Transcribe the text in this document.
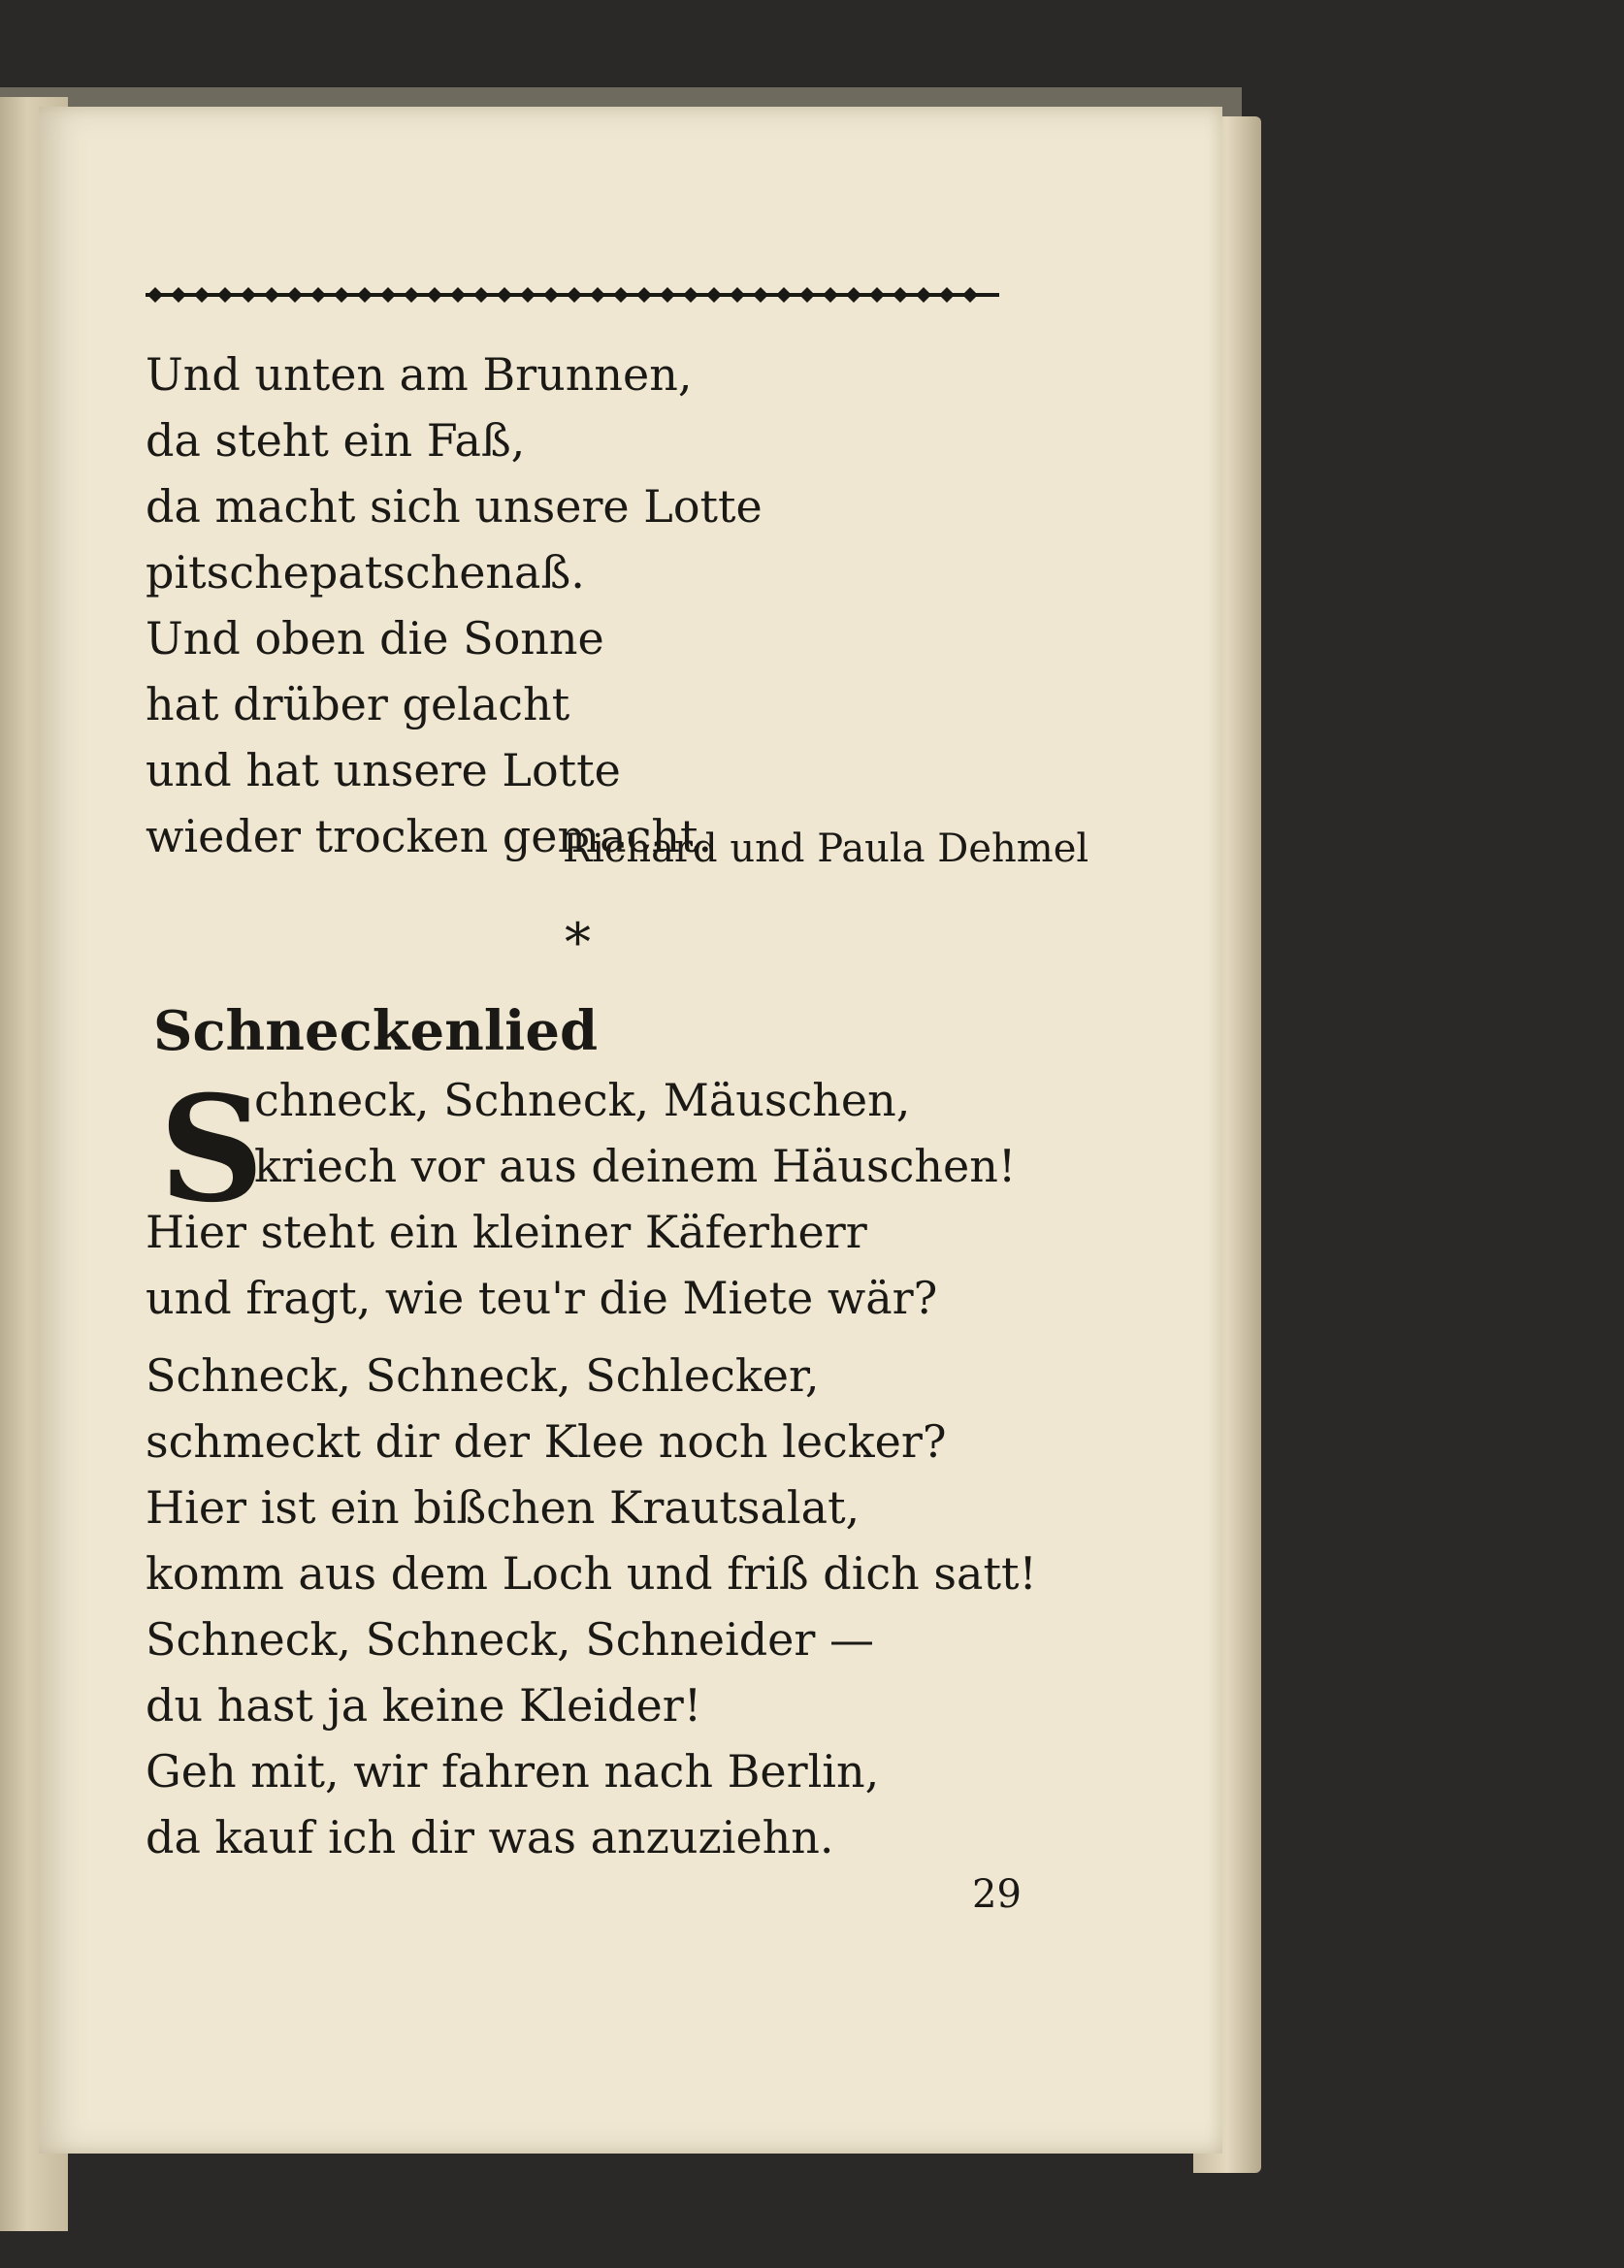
Und unten am Brunnen,
da steht ein Faß,
da macht sich unsere Lotte
pitschepatschenaß.
Und oben die Sonne
hat drüber gelacht
und hat unsere Lotte
wieder trocken gemacht.
Richard und Paula Dehmel
*
Schneckenlied
S
chneck, Schneck, Mäuschen,
kriech vor aus deinem Häuschen!
Hier steht ein kleiner Käferherr
und fragt, wie teu'r die Miete wär?
Schneck, Schneck, Schlecker,
schmeckt dir der Klee noch lecker?
Hier ist ein bißchen Krautsalat,
komm aus dem Loch und friß dich satt!
Schneck, Schneck, Schneider —
du hast ja keine Kleider!
Geh mit, wir fahren nach Berlin,
da kauf ich dir was anzuziehn.
29
